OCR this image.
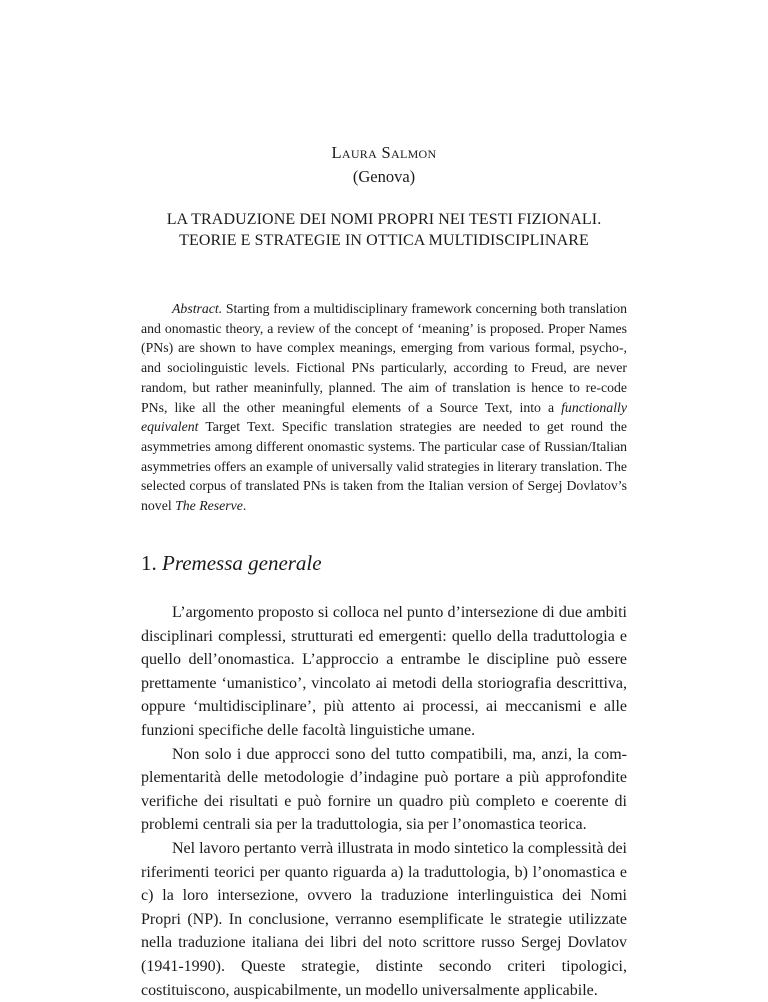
Laura Salmon
(Genova)
LA TRADUZIONE DEI NOMI PROPRI NEI TESTI FIZIONALI.
TEORIE E STRATEGIE IN OTTICA MULTIDISCIPLINARE

Abstract. Starting from a multidisciplinary framework concerning both translation and onomastic theory, a review of the concept of ‘meaning’ is proposed. Proper Names (PNs) are shown to have complex meanings, emerging from various formal, psycho-, and sociolinguistic levels. Fictional PNs particularly, according to Freud, are never random, but rather meaninfully, planned. The aim of translation is hence to re-code PNs, like all the other meaningful elements of a Source Text, into a functionally equivalent Target Text. Specific translation strategies are needed to get round the asymmetries among different onomastic systems. The particular case of Russian/Italian asymmetries offers an example of universally valid strategies in literary translation. The selected corpus of translated PNs is taken from the Italian version of Sergej Dovlatov’s novel The Reserve.

1. Premessa generale

L’argomento proposto si colloca nel punto d’intersezione di due ambiti disciplinari complessi, strutturati ed emergenti: quello della traduttologia e quello dell’onomastica. L’approccio a entrambe le discipline può essere prettamente ‘umanistico’, vincolato ai metodi della storiografia descrittiva, oppure ‘multidisciplinare’, più attento ai processi, ai meccanismi e alle funzioni specifiche delle facoltà linguistiche umane.

Non solo i due approcci sono del tutto compatibili, ma, anzi, la complementarità delle metodologie d’indagine può portare a più approfondite verifiche dei risultati e può fornire un quadro più completo e coerente di problemi centrali sia per la traduttologia, sia per l’onomastica teorica.

Nel lavoro pertanto verrà illustrata in modo sintetico la complessità dei riferimenti teorici per quanto riguarda a) la traduttologia, b) l’onomastica e c) la loro intersezione, ovvero la traduzione interlinguistica dei Nomi Propri (NP). In conclusione, verranno esemplificate le strategie utilizzate nella traduzione italiana dei libri del noto scrittore russo Sergej Dovlatov (1941-1990). Queste strategie, distinte secondo criteri tipologici, costituiscono, auspicabilmente, un modello universalmente applicabile.
